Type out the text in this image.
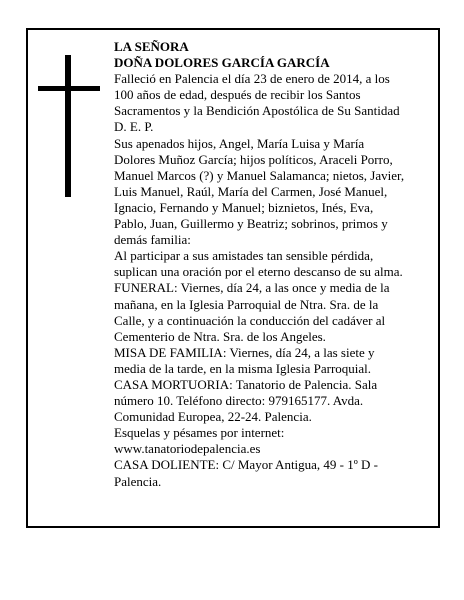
LA SEÑORA

DOÑA DOLORES GARCÍA GARCÍA

Falleció en Palencia el día 23 de enero de 2014, a los

100 años de edad, después de recibir los Santos

Sacramentos y la Bendición Apostólica de Su Santidad

D. E. P.

Sus apenados hijos, Angel, María Luisa y María

Dolores Muñoz García; hijos políticos, Araceli Porro,

Manuel Marcos (?) y Manuel Salamanca; nietos, Javier,

Luis Manuel, Raúl, María del Carmen, José Manuel,

Ignacio, Fernando y Manuel; biznietos, Inés, Eva,

Pablo, Juan, Guillermo y Beatriz; sobrinos, primos y

demás familia:

Al participar a sus amistades tan sensible pérdida,

suplican una oración por el eterno descanso de su alma.

FUNERAL: Viernes, día 24, a las once y media de la

mañana, en la Iglesia Parroquial de Ntra. Sra. de la

Calle, y a continuación la conducción del cadáver al

Cementerio de Ntra. Sra. de los Angeles.

MISA DE FAMILIA: Viernes, día 24, a las siete y

media de la tarde, en la misma Iglesia Parroquial.

CASA MORTUORIA: Tanatorio de Palencia. Sala

número 10. Teléfono directo: 979165177. Avda.

Comunidad Europea, 22-24. Palencia.

Esquelas y pésames por internet:

www.tanatoriodepalencia.es

CASA DOLIENTE: C/ Mayor Antigua, 49 - 1º D -

Palencia.
